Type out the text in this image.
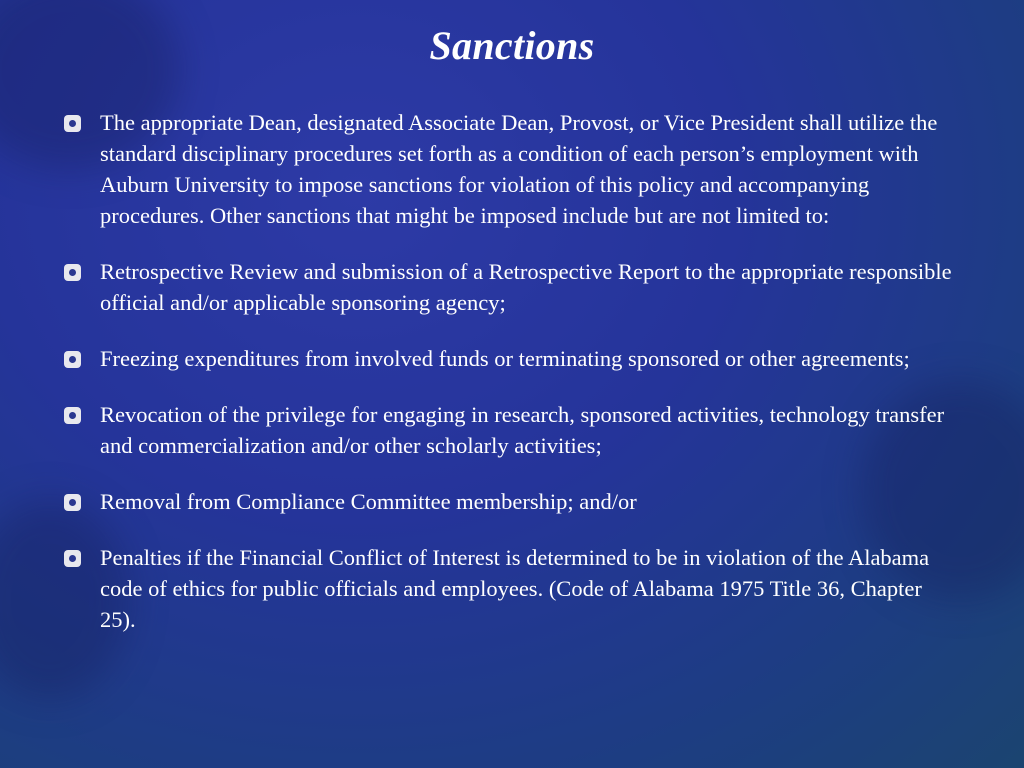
Sanctions
The appropriate Dean, designated Associate Dean, Provost, or Vice President shall utilize the standard disciplinary procedures set forth as a condition of each person’s employment with Auburn University to impose sanctions for violation of this policy and accompanying procedures. Other sanctions that might be imposed include but are not limited to:
Retrospective Review and submission of a Retrospective Report to the appropriate responsible official and/or applicable sponsoring agency;
Freezing expenditures from involved funds or terminating sponsored or other agreements;
Revocation of the privilege for engaging in research, sponsored activities, technology transfer and commercialization and/or other scholarly activities;
Removal from Compliance Committee membership; and/or
Penalties if the Financial Conflict of Interest is determined to be in violation of the Alabama code of ethics for public officials and employees. (Code of Alabama 1975 Title 36, Chapter 25).
